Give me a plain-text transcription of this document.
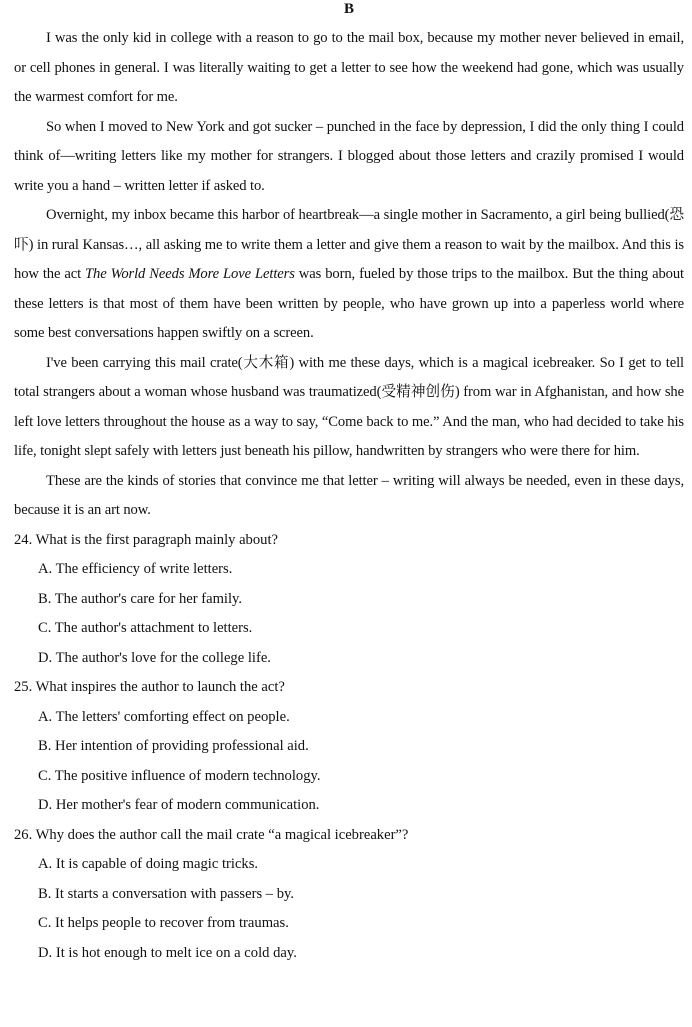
B

I was the only kid in college with a reason to go to the mail box, because my mother never believed in email, or cell phones in general. I was literally waiting to get a letter to see how the weekend had gone, which was usually the warmest comfort for me.

So when I moved to New York and got sucker – punched in the face by depression, I did the only thing I could think of—writing letters like my mother for strangers. I blogged about those letters and crazily promised I would write you a hand – written letter if asked to.

Overnight, my inbox became this harbor of heartbreak—a single mother in Sacramento, a girl being bullied(恐吓) in rural Kansas…, all asking me to write them a letter and give them a reason to wait by the mailbox. And this is how the act The World Needs More Love Letters was born, fueled by those trips to the mailbox. But the thing about these letters is that most of them have been written by people, who have grown up into a paperless world where some best conversations happen swiftly on a screen.

I've been carrying this mail crate(大木箱) with me these days, which is a magical icebreaker. So I get to tell total strangers about a woman whose husband was traumatized(受精神创伤) from war in Afghanistan, and how she left love letters throughout the house as a way to say, “Come back to me.” And the man, who had decided to take his life, tonight slept safely with letters just beneath his pillow, handwritten by strangers who were there for him.

These are the kinds of stories that convince me that letter – writing will always be needed, even in these days, because it is an art now.

24. What is the first paragraph mainly about?

A. The efficiency of write letters.

B. The author's care for her family.

C. The author's attachment to letters.

D. The author's love for the college life.

25. What inspires the author to launch the act?

A. The letters' comforting effect on people.

B. Her intention of providing professional aid.

C. The positive influence of modern technology.

D. Her mother's fear of modern communication.

26. Why does the author call the mail crate “a magical icebreaker”?

A. It is capable of doing magic tricks.

B. It starts a conversation with passers – by.

C. It helps people to recover from traumas.

D. It is hot enough to melt ice on a cold day.
